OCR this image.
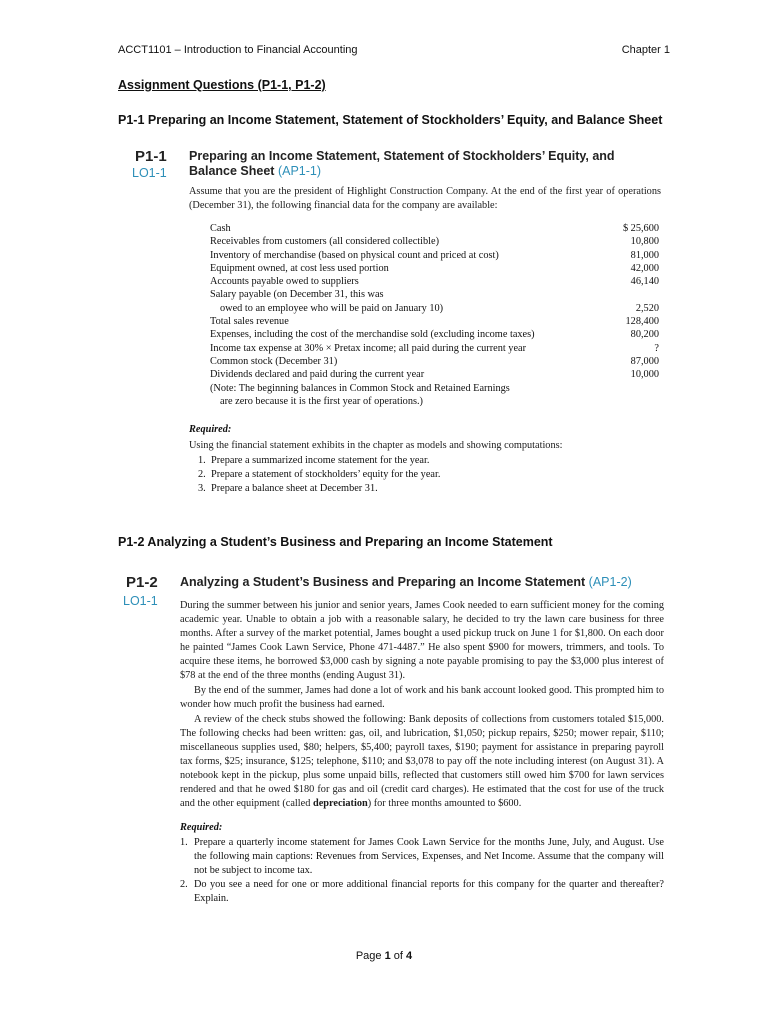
ACCT1101 – Introduction to Financial Accounting	Chapter 1
Assignment Questions (P1-1, P1-2)
P1-1 Preparing an Income Statement, Statement of Stockholders’ Equity, and Balance Sheet
P1-1
LO1-1
Preparing an Income Statement, Statement of Stockholders’ Equity, and Balance Sheet (AP1-1)
Assume that you are the president of Highlight Construction Company. At the end of the first year of operations (December 31), the following financial data for the company are available:
Cash	$ 25,600
Receivables from customers (all considered collectible)	10,800
Inventory of merchandise (based on physical count and priced at cost)	81,000
Equipment owned, at cost less used portion	42,000
Accounts payable owed to suppliers	46,140
Salary payable (on December 31, this was
owed to an employee who will be paid on January 10)	2,520
Total sales revenue	128,400
Expenses, including the cost of the merchandise sold (excluding income taxes)	80,200
Income tax expense at 30% × Pretax income; all paid during the current year	?
Common stock (December 31)	87,000
Dividends declared and paid during the current year	10,000
(Note: The beginning balances in Common Stock and Retained Earnings
are zero because it is the first year of operations.)
Required:
Using the financial statement exhibits in the chapter as models and showing computations:
1. Prepare a summarized income statement for the year.
2. Prepare a statement of stockholders’ equity for the year.
3. Prepare a balance sheet at December 31.
P1-2 Analyzing a Student’s Business and Preparing an Income Statement
P1-2
LO1-1
Analyzing a Student’s Business and Preparing an Income Statement (AP1-2)
During the summer between his junior and senior years, James Cook needed to earn sufficient money for the coming academic year. Unable to obtain a job with a reasonable salary, he decided to try the lawn care business for three months. After a survey of the market potential, James bought a used pickup truck on June 1 for $1,800. On each door he painted “James Cook Lawn Service, Phone 471-4487.” He also spent $900 for mowers, trimmers, and tools. To acquire these items, he borrowed $3,000 cash by signing a note payable promising to pay the $3,000 plus interest of $78 at the end of the three months (ending August 31).
By the end of the summer, James had done a lot of work and his bank account looked good. This prompted him to wonder how much profit the business had earned.
A review of the check stubs showed the following: Bank deposits of collections from customers totaled $15,000. The following checks had been written: gas, oil, and lubrication, $1,050; pickup repairs, $250; mower repair, $110; miscellaneous supplies used, $80; helpers, $5,400; payroll taxes, $190; payment for assistance in preparing payroll tax forms, $25; insurance, $125; telephone, $110; and $3,078 to pay off the note including interest (on August 31). A notebook kept in the pickup, plus some unpaid bills, reflected that customers still owed him $700 for lawn services rendered and that he owed $180 for gas and oil (credit card charges). He estimated that the cost for use of the truck and the other equipment (called depreciation) for three months amounted to $600.
Required:
1. Prepare a quarterly income statement for James Cook Lawn Service for the months June, July, and August. Use the following main captions: Revenues from Services, Expenses, and Net Income. Assume that the company will not be subject to income tax.
2. Do you see a need for one or more additional financial reports for this company for the quarter and thereafter? Explain.
Page 1 of 4
